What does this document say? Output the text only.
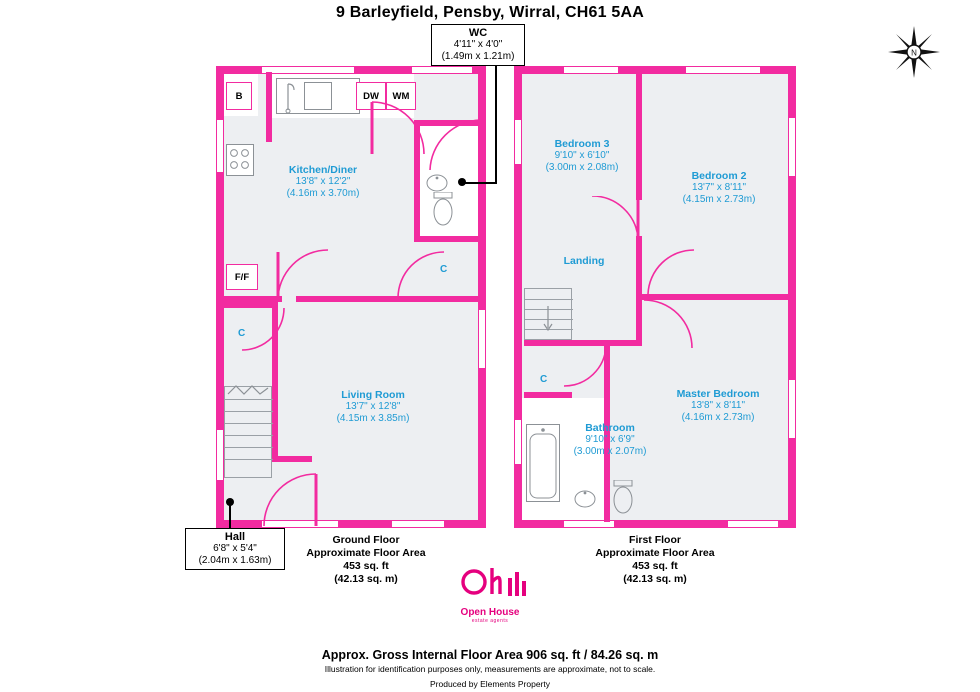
9 Barleyfield, Pensby, Wirral, CH61 5AA
N
B	DW WM
F/F
C
C
Kitchen/Diner
13'8" x 12'2"
(4.16m x 3.70m)
Living Room
13'7" x 12'8"
(4.15m x 3.85m)
WC
4'11" x 4'0"
(1.49m x 1.21m)
Hall
6'8" x 5'4"
(2.04m x 1.63m)
Ground Floor
Approximate Floor Area
453 sq. ft
(42.13 sq. m)
C
Bedroom 3
9'10" x 6'10"
(3.00m x 2.08m)
Bedroom 2
13'7" x 8'11"
(4.15m x 2.73m)
Master Bedroom
13'8" x 8'11"
(4.16m x 2.73m)
Bathroom
9'10" x 6'9"
(3.00m x 2.07m)
Landing
First Floor
Approximate Floor Area
453 sq. ft
(42.13 sq. m)
Open House
estate agents
Approx. Gross Internal Floor Area 906 sq. ft / 84.26 sq. m
Illustration for identification purposes only, measurements are approximate, not to scale.
Produced by Elements Property
